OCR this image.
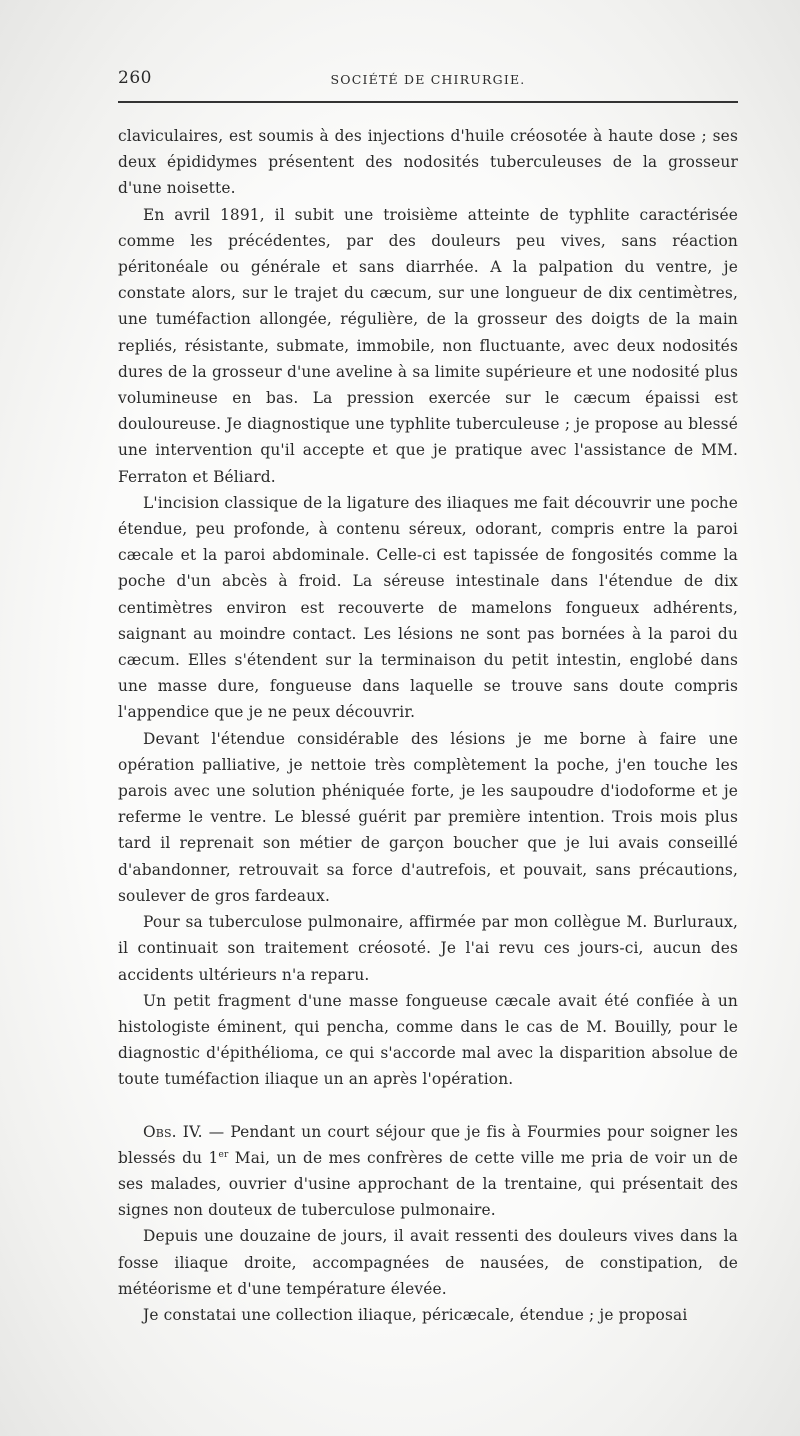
260	SOCIÉTÉ DE CHIRURGIE.

claviculaires, est soumis à des injections d'huile créosotée à haute dose ; ses deux épididymes présentent des nodosités tuberculeuses de la grosseur d'une noisette.

En avril 1891, il subit une troisième atteinte de typhlite caractérisée comme les précédentes, par des douleurs peu vives, sans réaction péritonéale ou générale et sans diarrhée. A la palpation du ventre, je constate alors, sur le trajet du cæcum, sur une longueur de dix centimètres, une tuméfaction allongée, régulière, de la grosseur des doigts de la main repliés, résistante, submate, immobile, non fluctuante, avec deux nodosités dures de la grosseur d'une aveline à sa limite supérieure et une nodosité plus volumineuse en bas. La pression exercée sur le cæcum épaissi est douloureuse. Je diagnostique une typhlite tuberculeuse ; je propose au blessé une intervention qu'il accepte et que je pratique avec l'assistance de MM. Ferraton et Béliard.

L'incision classique de la ligature des iliaques me fait découvrir une poche étendue, peu profonde, à contenu séreux, odorant, compris entre la paroi cæcale et la paroi abdominale. Celle-ci est tapissée de fongosités comme la poche d'un abcès à froid. La séreuse intestinale dans l'étendue de dix centimètres environ est recouverte de mamelons fongueux adhérents, saignant au moindre contact. Les lésions ne sont pas bornées à la paroi du cæcum. Elles s'étendent sur la terminaison du petit intestin, englobé dans une masse dure, fongueuse dans laquelle se trouve sans doute compris l'appendice que je ne peux découvrir.

Devant l'étendue considérable des lésions je me borne à faire une opération palliative, je nettoie très complètement la poche, j'en touche les parois avec une solution phéniquée forte, je les saupoudre d'iodoforme et je referme le ventre. Le blessé guérit par première intention. Trois mois plus tard il reprenait son métier de garçon boucher que je lui avais conseillé d'abandonner, retrouvait sa force d'autrefois, et pouvait, sans précautions, soulever de gros fardeaux.

Pour sa tuberculose pulmonaire, affirmée par mon collègue M. Burluraux, il continuait son traitement créosoté. Je l'ai revu ces jours-ci, aucun des accidents ultérieurs n'a reparu.

Un petit fragment d'une masse fongueuse cæcale avait été confiée à un histologiste éminent, qui pencha, comme dans le cas de M. Bouilly, pour le diagnostic d'épithélioma, ce qui s'accorde mal avec la disparition absolue de toute tuméfaction iliaque un an après l'opération.

Obs. IV. — Pendant un court séjour que je fis à Fourmies pour soigner les blessés du 1er Mai, un de mes confrères de cette ville me pria de voir un de ses malades, ouvrier d'usine approchant de la trentaine, qui présentait des signes non douteux de tuberculose pulmonaire.

Depuis une douzaine de jours, il avait ressenti des douleurs vives dans la fosse iliaque droite, accompagnées de nausées, de constipation, de météorisme et d'une température élevée.

Je constatai une collection iliaque, péricæcale, étendue ; je proposai
